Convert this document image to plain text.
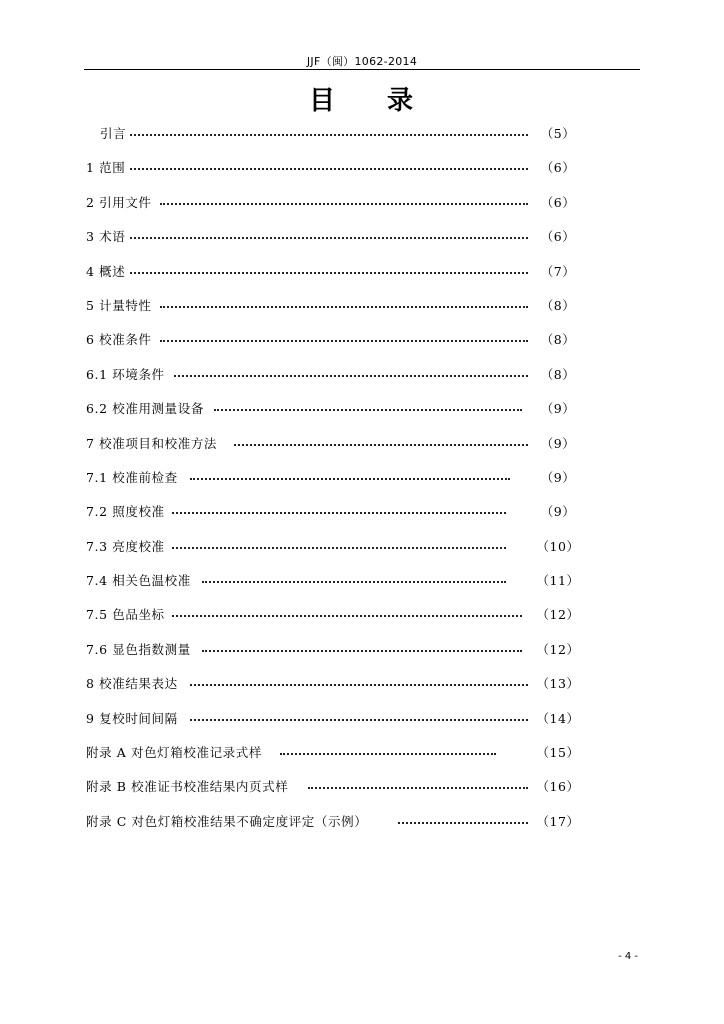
JJF（闽）1062-2014
目 录
引言	（5）
1 范围	（6）
2 引用文件	（6）
3 术语	（6）
4 概述	（7）
5 计量特性	（8）
6 校准条件	（8）
6.1 环境条件	（8）
6.2 校准用测量设备	（9）
7 校准项目和校准方法	（9）
7.1 校准前检查	（9）
7.2 照度校准	（9）
7.3 亮度校准	（10）
7.4 相关色温校准	（11）
7.5 色品坐标	（12）
7.6 显色指数测量	（12）
8 校准结果表达	（13）
9 复校时间间隔	（14）
附录 A 对色灯箱校准记录式样	（15）
附录 B 校准证书校准结果内页式样	（16）
附录 C 对色灯箱校准结果不确定度评定（示例）	（17）
- 4 -
